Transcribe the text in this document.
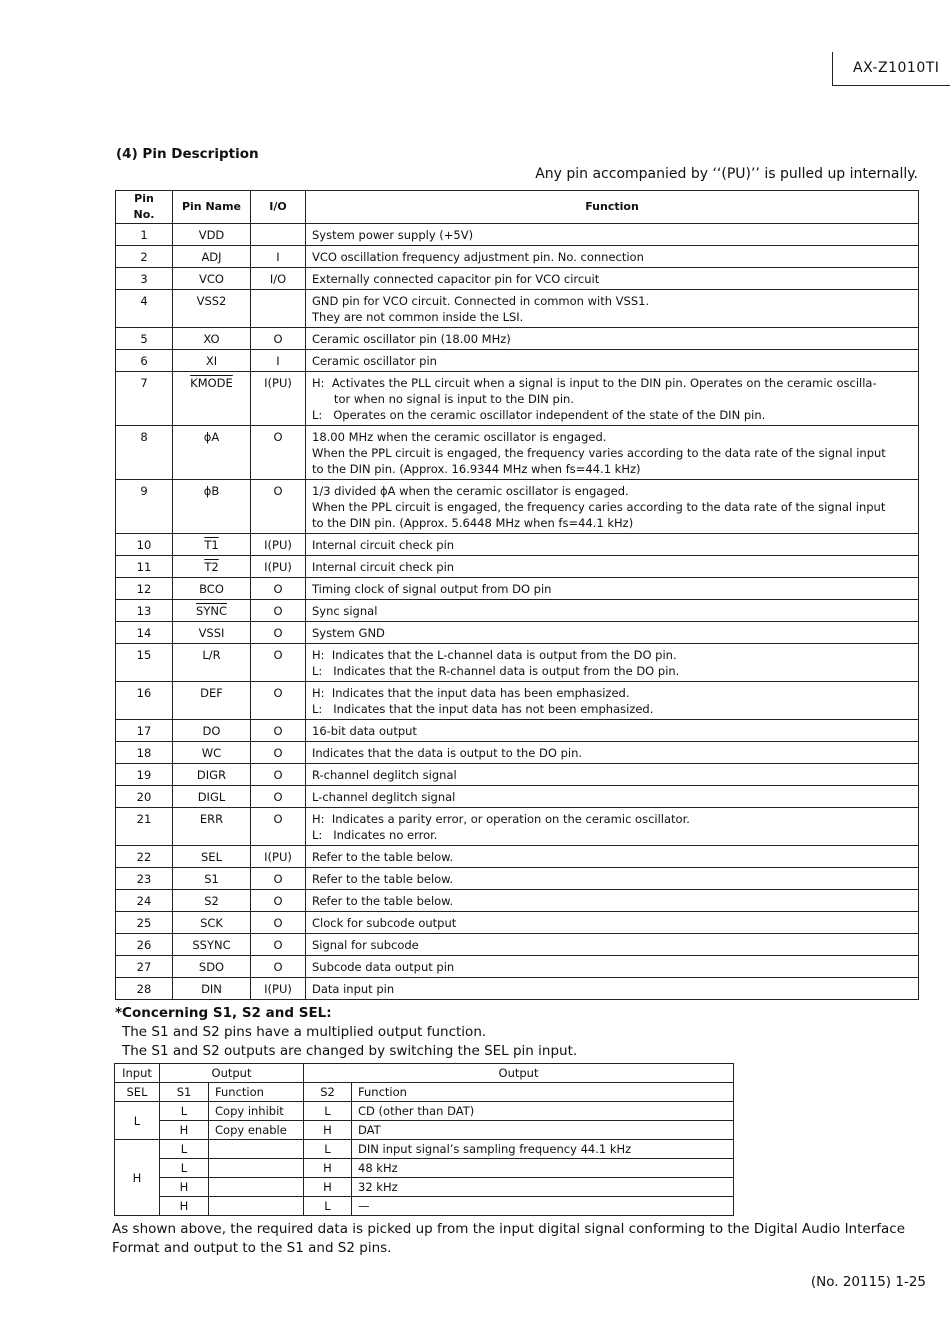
AX-Z1010TI
(4) Pin Description
Any pin accompanied by ‘‘(PU)’’ is pulled up internally.
Pin No.	Pin Name	I/O	Function
1	VDD		System power supply (+5V)

2	ADJ	I	VCO oscillation frequency adjustment pin. No. connection

3	VCO	I/O	Externally connected capacitor pin for VCO circuit

4	VSS2		GND pin for VCO circuit. Connected in common with VSS1.
They are not common inside the LSI.

5	XO	O	Ceramic oscillator pin (18.00 MHz)

6	XI	I	Ceramic oscillator pin

7	KMODE	I(PU)	H:  Activates the PLL circuit when a signal is input to the DIN pin. Operates on the ceramic oscilla-
tor when no signal is input to the DIN pin.
L:   Operates on the ceramic oscillator independent of the state of the DIN pin.

8	ϕA	O	18.00 MHz when the ceramic oscillator is engaged.
When the PPL circuit is engaged, the frequency varies according to the data rate of the signal input
to the DIN pin. (Approx. 16.9344 MHz when fs=44.1 kHz)

9	ϕB	O	1/3 divided ϕA when the ceramic oscillator is engaged.
When the PPL circuit is engaged, the frequency caries according to the data rate of the signal input
to the DIN pin. (Approx. 5.6448 MHz when fs=44.1 kHz)

10	T1	I(PU)	Internal circuit check pin

11	T2	I(PU)	Internal circuit check pin

12	BCO	O	Timing clock of signal output from DO pin

13	SYNC	O	Sync signal

14	VSSI	O	System GND

15	L/R	O	H:  Indicates that the L-channel data is output from the DO pin.
L:   Indicates that the R-channel data is output from the DO pin.

16	DEF	O	H:  Indicates that the input data has been emphasized.
L:   Indicates that the input data has not been emphasized.

17	DO	O	16-bit data output

18	WC	O	Indicates that the data is output to the DO pin.

19	DIGR	O	R-channel deglitch signal

20	DIGL	O	L-channel deglitch signal

21	ERR	O	H:  Indicates a parity error, or operation on the ceramic oscillator.
L:   Indicates no error.

22	SEL	I(PU)	Refer to the table below.

23	S1	O	Refer to the table below.

24	S2	O	Refer to the table below.

25	SCK	O	Clock for subcode output

26	SSYNC	O	Signal for subcode

27	SDO	O	Subcode data output pin

28	DIN	I(PU)	Data input pin
*Concerning S1, S2 and SEL:
The S1 and S2 pins have a multiplied output function.
The S1 and S2 outputs are changed by switching the SEL pin input.
Input	Output		Output	
SEL	S1	Function	S2	Function
L	L	Copy inhibit	L	CD (other than DAT)
	H	Copy enable	H	DAT
H	L		L	DIN input signal’s sampling frequency 44.1 kHz
	L		H	48 kHz
	H		H	32 kHz
	H		L	—
As shown above, the required data is picked up from the input digital signal conforming to the Digital Audio Interface Format and output to the S1 and S2 pins.
(No. 20115) 1-25
